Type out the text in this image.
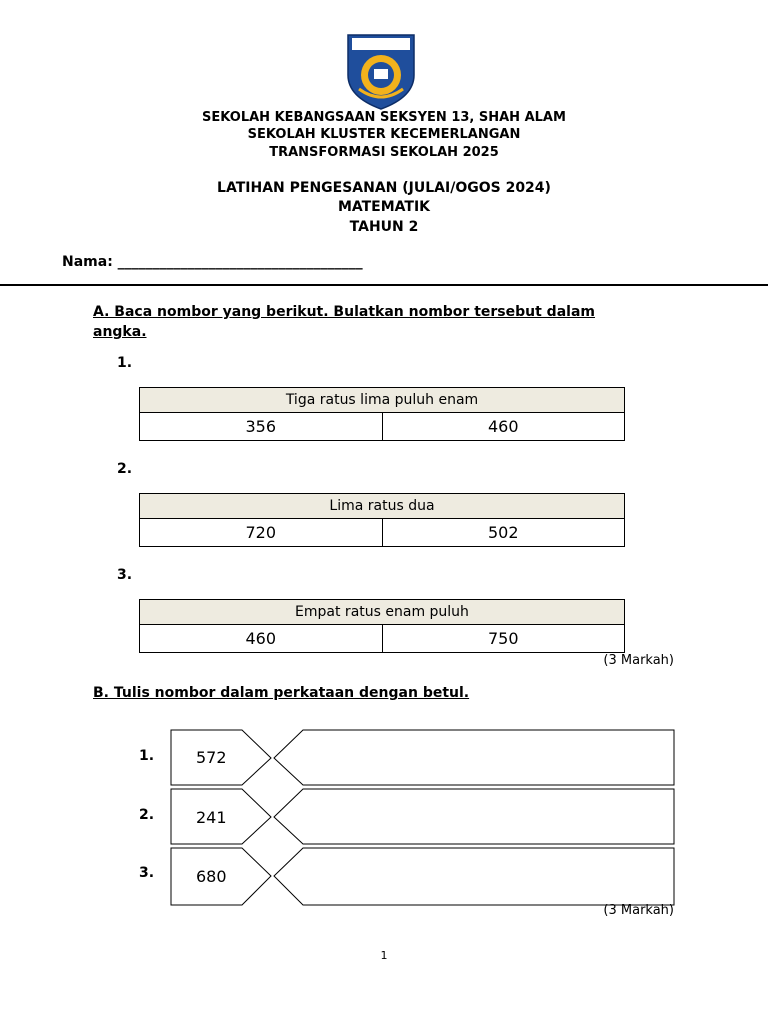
SEKOLAH KEBANGSAAN SEKSYEN 13, SHAH ALAM
SEKOLAH KLUSTER KECEMERLANGAN
TRANSFORMASI SEKOLAH 2025
LATIHAN PENGESANAN (JULAI/OGOS 2024)
MATEMATIK
TAHUN 2
Nama: ___________________________________
A. Baca nombor yang berikut. Bulatkan nombor tersebut dalam
angka.
1.
Tiga ratus lima puluh enam
356	460
2.
Lima ratus dua
720	502
3.
Empat ratus enam puluh
460	750
(3 Markah)
B. Tulis nombor dalam perkataan dengan betul.
1.	572
2.	241
3.	680
(3 Markah)
1
